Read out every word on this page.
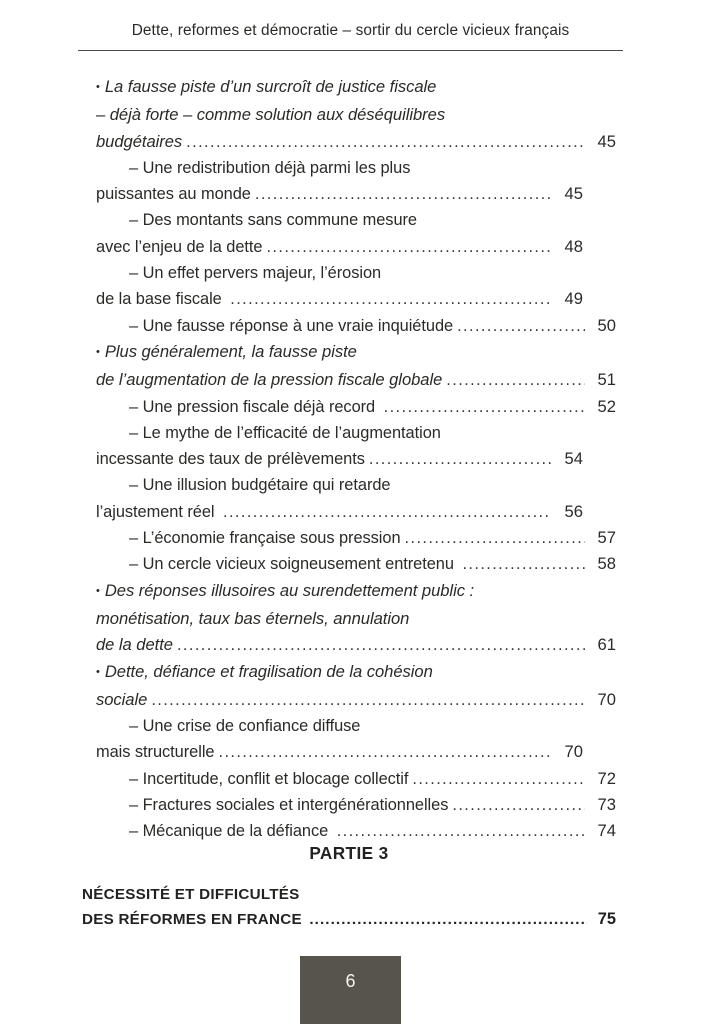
Dette, reformes et démocratie – sortir du cercle vicieux français
• La fausse piste d’un surcroît de justice fiscale
– déjà forte – comme solution aux déséquilibres
budgétaires .....	45
– Une redistribution déjà parmi les plus
puissantes au monde .....	45
– Des montants sans commune mesure
avec l’enjeu de la dette .....	48
– Un effet pervers majeur, l’érosion
de la base fiscale .....	49
– Une fausse réponse à une vraie inquiétude .....	50
• Plus généralement, la fausse piste
de l’augmentation de la pression fiscale globale .....	51
– Une pression fiscale déjà record .....	52
– Le mythe de l’efficacité de l’augmentation
incessante des taux de prélèvements .....	54
– Une illusion budgétaire qui retarde
l’ajustement réel .....	56
– L’économie française sous pression .....	57
– Un cercle vicieux soigneusement entretenu .....	58
• Des réponses illusoires au surendettement public :
monétisation, taux bas éternels, annulation
de la dette .....	61
• Dette, défiance et fragilisation de la cohésion
sociale .....	70
– Une crise de confiance diffuse
mais structurelle .....	70
– Incertitude, conflit et blocage collectif .....	72
– Fractures sociales et intergénérationnelles .....	73
– Mécanique de la défiance .....	74
PARTIE 3
NÉCESSITÉ ET DIFFICULTÉS
DES RÉFORMES EN FRANCE .....	75
6
